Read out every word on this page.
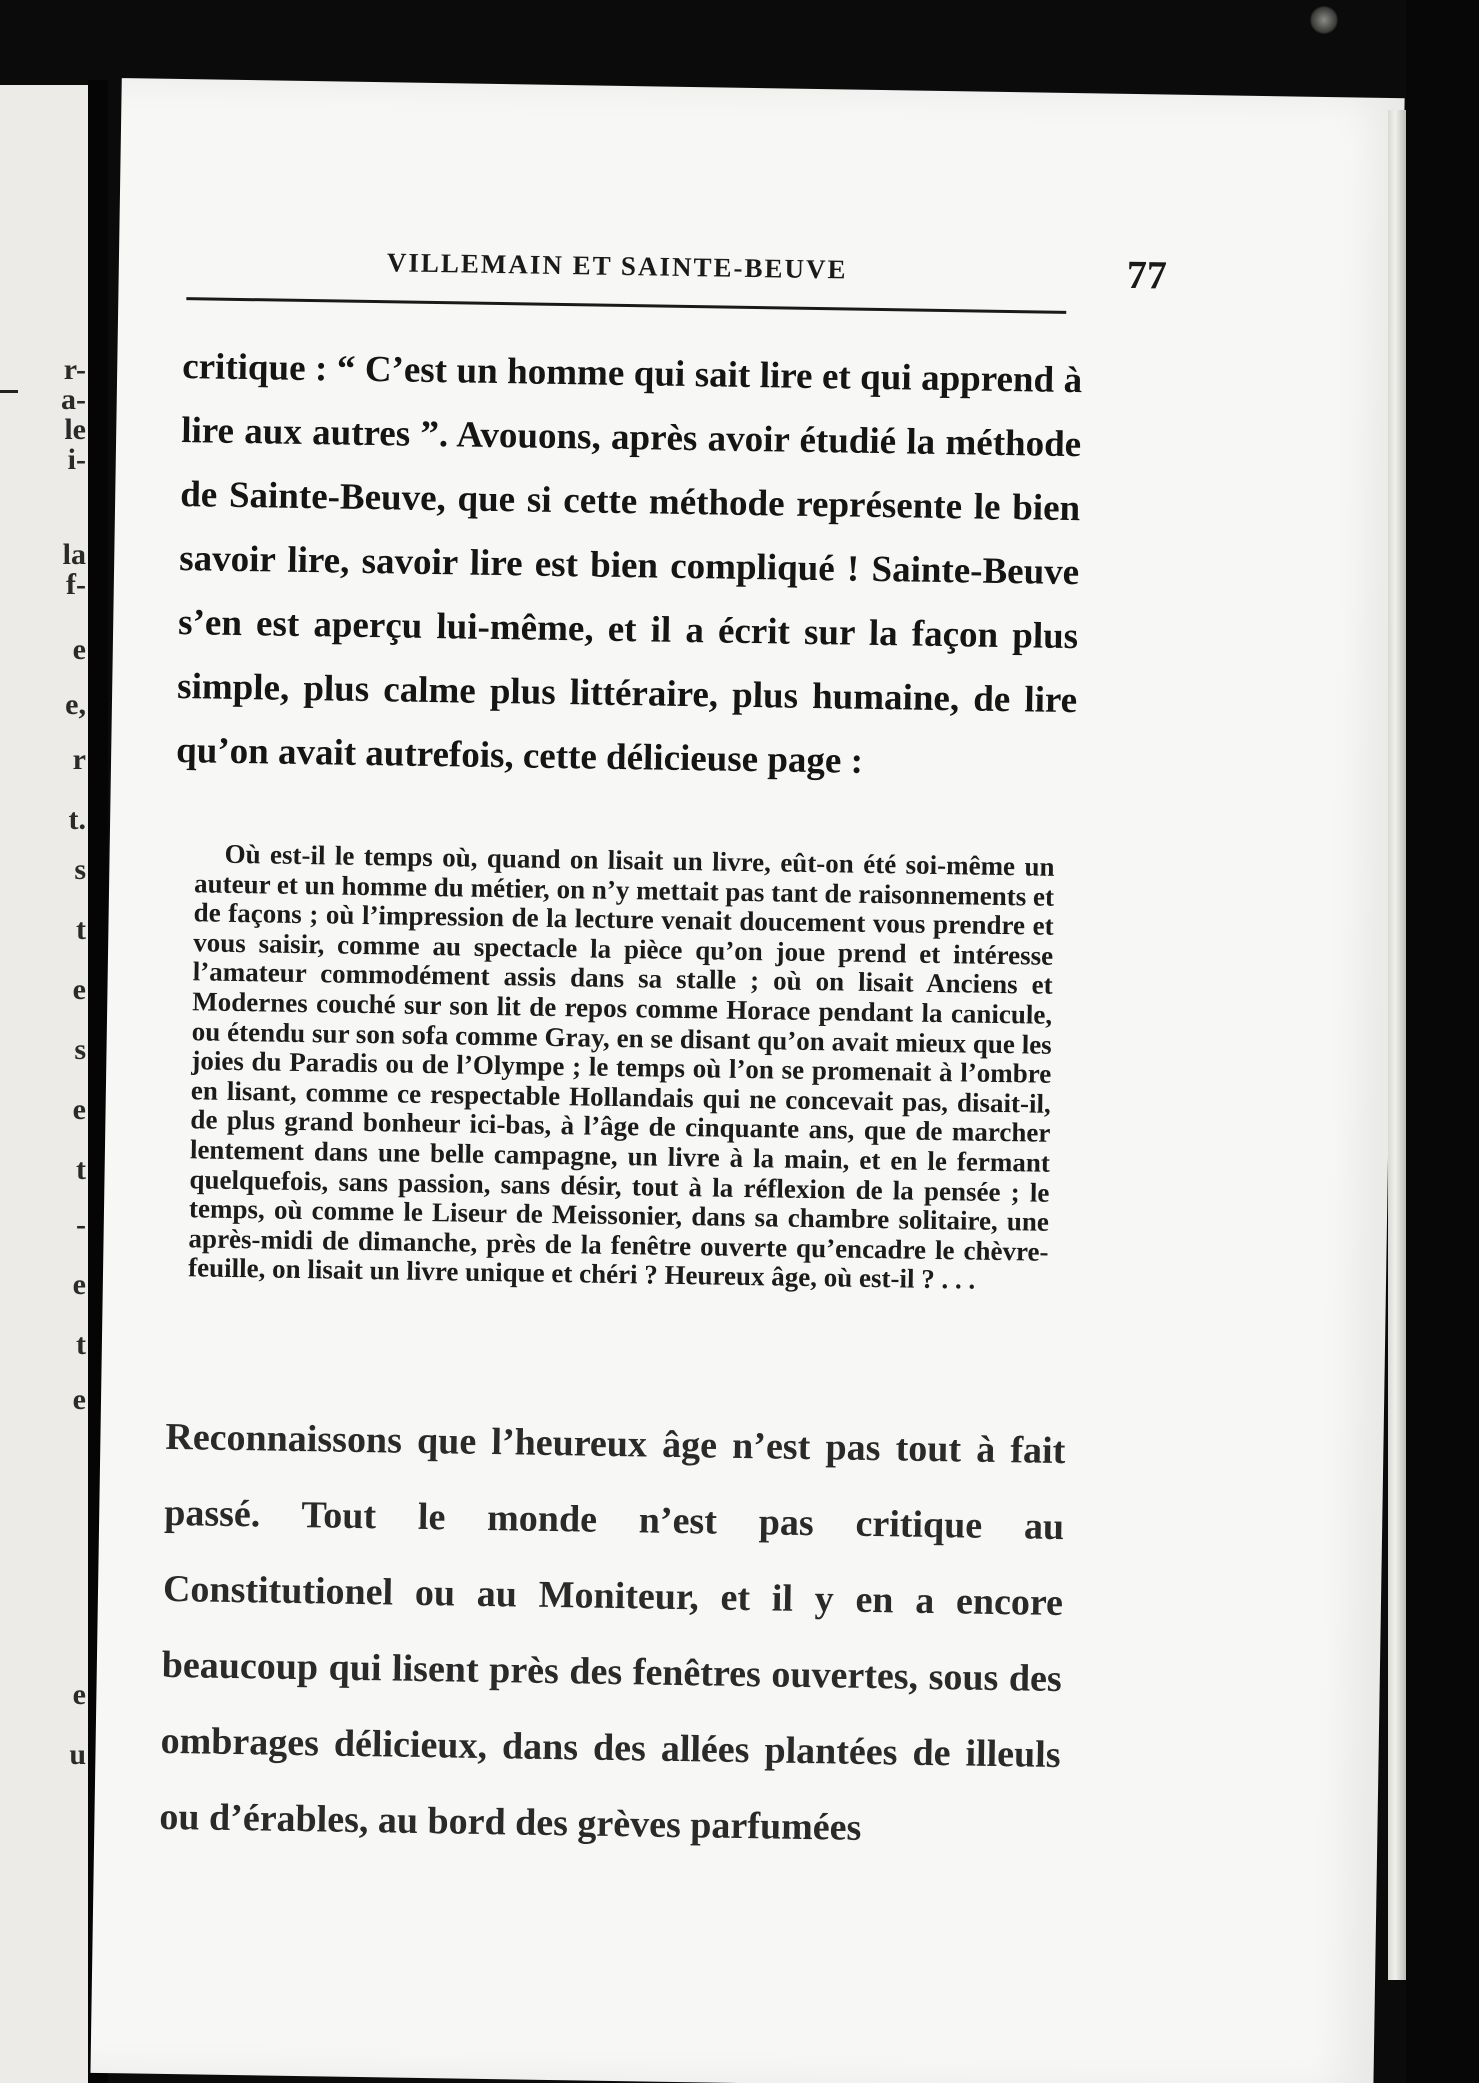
r-
a-
le
i-
la
f-
e
e,
r
t.
s
t
e
s
e
t
-
e
t
e
e
u
VILLEMAIN ET SAINTE-BEUVE	77

critique : “ C’est un homme qui sait lire et qui apprend à lire aux autres ”. Avouons, après avoir étudié la méthode de Sainte-Beuve, que si cette méthode représente le bien savoir lire, savoir lire est bien compliqué ! Sainte-Beuve s’en est aperçu lui-même, et il a écrit sur la façon plus simple, plus calme plus littéraire, plus humaine, de lire qu’on avait autrefois, cette délicieuse page :

Où est-il le temps où, quand on lisait un livre, eût-on été soi-même un auteur et un homme du métier, on n’y mettait pas tant de raisonnements et de façons ; où l’impression de la lecture venait doucement vous prendre et vous saisir, comme au spectacle la pièce qu’on joue prend et intéresse l’amateur commodément assis dans sa stalle ; où on lisait Anciens et Modernes couché sur son lit de repos comme Horace pendant la canicule, ou étendu sur son sofa comme Gray, en se disant qu’on avait mieux que les joies du Paradis ou de l’Olympe ; le temps où l’on se promenait à l’ombre en lisant, comme ce respectable Hollandais qui ne concevait pas, disait-il, de plus grand bonheur ici-bas, à l’âge de cinquante ans, que de marcher lentement dans une belle campagne, un livre à la main, et en le fermant quelquefois, sans passion, sans désir, tout à la réflexion de la pensée ; le temps, où comme le Liseur de Meissonier, dans sa chambre solitaire, une après-midi de dimanche, près de la fenêtre ouverte qu’encadre le chèvre-feuille, on lisait un livre unique et chéri ? Heureux âge, où est-il ? . . .

Reconnaissons que l’heureux âge n’est pas tout à fait passé. Tout le monde n’est pas critique au Constitutionel ou au Moniteur, et il y en a encore beaucoup qui lisent près des fenêtres ouvertes, sous des ombrages délicieux, dans des allées plantées de illeuls ou d’érables, au bord des grèves parfumées
